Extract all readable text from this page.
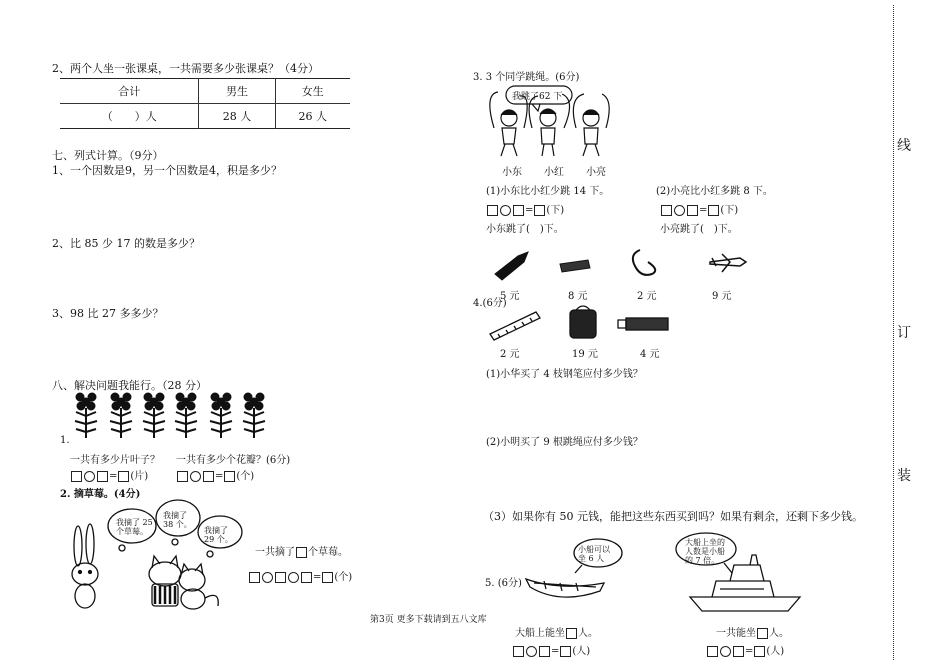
2、两个人坐一张课桌，一共需要多少张课桌？（4分）
合计	男生	女生
（　　）人	28 人	26 人
七、列式计算。（9分）
1、一个因数是9，另一个因数是4，积是多少？
2、比 85 少 17 的数是多少？
3、98 比 27 多多少？
八、解决问题我能行。（28 分）
1.
一共有多少片叶子？ 一共有多少个花瓣？(6分)
= (片)	= (个)
2. 摘草莓。(4分)
我摘了 25
个草莓。
我摘了
38 个。
我摘了
29 个。
一共摘了 个草莓。
= (个)
3. 3 个同学跳绳。(6分)
我跳了62 下
小东 小红 小亮
(1)小东比小红少跳 14 下。	(2)小亮比小红多跳 8 下。
= (下)	= (下)
小东跳了(　)下。	小亮跳了(　)下。
5 元	8 元	2 元	9 元
4.(6分)
2 元	19 元	4 元
(1)小华买了 4 枝钢笔应付多少钱？
(2)小明买了 9 根跳绳应付多少钱？
（3）如果你有 50 元钱，能把这些东西买到吗？如果有剩余，还剩下多少钱。
5. (6分)
小船可以
坐 6 人
大船上坐的
人数是小船
的 7 倍。
大船上能坐 人。	一共能坐 人。
= (人)	= (人)
第3页 更多下载请到五八文库
线
订
装
